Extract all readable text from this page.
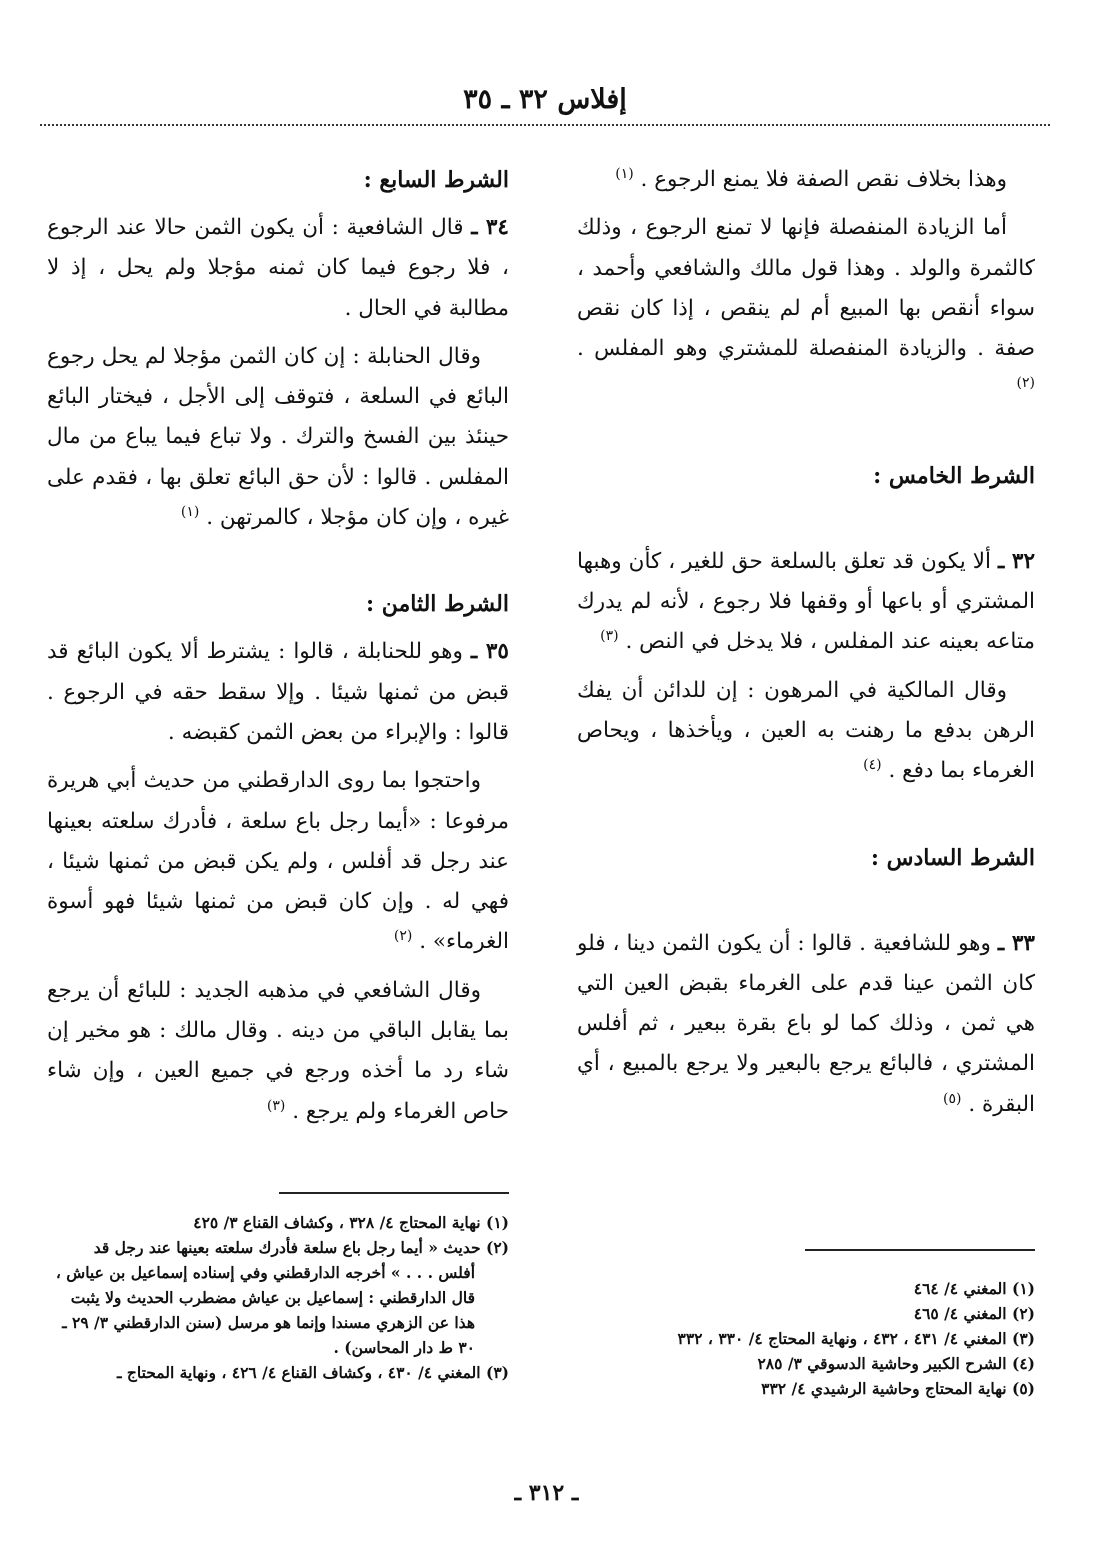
إفلاس ٣٢ ـ ٣٥

وهذا بخلاف نقص الصفة فلا يمنع الرجوع . $^{(١)}$

أما الزيادة المنفصلة فإنها لا تمنع الرجوع ، وذلك كالثمرة والولد . وهذا قول مالك والشافعي وأحمد ، سواء أنقص بها المبيع أم لم ينقص ، إذا كان نقص صفة . والزيادة المنفصلة للمشتري وهو المفلس . $^{(٢)}$

الشرط الخامس :

٣٢ ـ ألا يكون قد تعلق بالسلعة حق للغير ، كأن وهبها المشتري أو باعها أو وقفها فلا رجوع ، لأنه لم يدرك متاعه بعينه عند المفلس ، فلا يدخل في النص . $^{(٣)}$

وقال المالكية في المرهون : إن للدائن أن يفك الرهن بدفع ما رهنت به العين ، ويأخذها ، ويحاص الغرماء بما دفع . $^{(٤)}$

الشرط السادس :

٣٣ ـ وهو للشافعية . قالوا : أن يكون الثمن دينا ، فلو كان الثمن عينا قدم على الغرماء بقبض العين التي هي ثمن ، وذلك كما لو باع بقرة ببعير ، ثم أفلس المشتري ، فالبائع يرجع بالبعير ولا يرجع بالمبيع ، أي البقرة . $^{(٥)}$

الشرط السابع :

٣٤ ـ قال الشافعية : أن يكون الثمن حالا عند الرجوع ، فلا رجوع فيما كان ثمنه مؤجلا ولم يحل ، إذ لا مطالبة في الحال .

وقال الحنابلة : إن كان الثمن مؤجلا لم يحل رجوع البائع في السلعة ، فتوقف إلى الأجل ، فيختار البائع حينئذ بين الفسخ والترك . ولا تباع فيما يباع من مال المفلس . قالوا : لأن حق البائع تعلق بها ، فقدم على غيره ، وإن كان مؤجلا ، كالمرتهن . $^{(١)}$

الشرط الثامن :

٣٥ ـ وهو للحنابلة ، قالوا : يشترط ألا يكون البائع قد قبض من ثمنها شيئا . وإلا سقط حقه في الرجوع . قالوا : والإبراء من بعض الثمن كقبضه .

واحتجوا بما روى الدارقطني من حديث أبي هريرة مرفوعا : «أيما رجل باع سلعة ، فأدرك سلعته بعينها عند رجل قد أفلس ، ولم يكن قبض من ثمنها شيئا ، فهي له . وإن كان قبض من ثمنها شيئا فهو أسوة الغرماء» . $^{(٢)}$

وقال الشافعي في مذهبه الجديد : للبائع أن يرجع بما يقابل الباقي من دينه . وقال مالك : هو مخير إن شاء رد ما أخذه ورجع في جميع العين ، وإن شاء حاص الغرماء ولم يرجع . $^{(٣)}$

(١) المغني ٤/ ٤٦٤

(٢) المغني ٤/ ٤٦٥

(٣) المغني ٤/ ٤٣١ ، ٤٣٢ ، ونهاية المحتاج ٤/ ٣٣٠ ، ٣٣٢

(٤) الشرح الكبير وحاشية الدسوقي ٣/ ٢٨٥

(٥) نهاية المحتاج وحاشية الرشيدي ٤/ ٣٣٢

(١) نهاية المحتاج ٤/ ٣٢٨ ، وكشاف القناع ٣/ ٤٢٥

(٢) حديث « أيما رجل باع سلعة فأدرك سلعته بعينها عند رجل قد

أفلس . . . » أخرجه الدارقطني وفي إسناده إسماعيل بن عياش ،

قال الدارقطني : إسماعيل بن عياش مضطرب الحديث ولا يثبت

هذا عن الزهري مسندا وإنما هو مرسل (سنن الدارقطني ٣/ ٢٩ ـ

٣٠ ط دار المحاسن) .

(٣) المغني ٤/ ٤٣٠ ، وكشاف القناع ٤/ ٤٢٦ ، ونهاية المحتاج ـ

ـ ٣١٢ ـ
